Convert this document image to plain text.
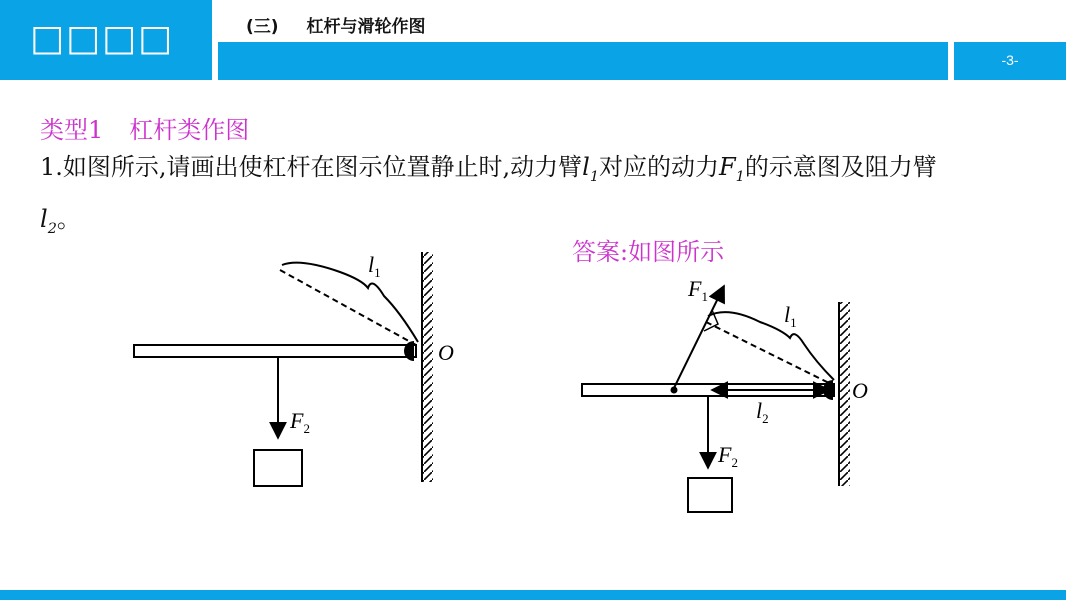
□□□□	(三) 杠杆与滑轮作图
-3-
类型1 杠杆类作图
1.如图所示,请画出使杠杆在图示位置静止时,动力臂$l_1$对应的动力$F_1$的示意图及阻力臂
$l_2$。
答案:如图所示
$l_1$
O
$F_2$
$F_1$
$l_1$
O
$l_2$
$F_2$
